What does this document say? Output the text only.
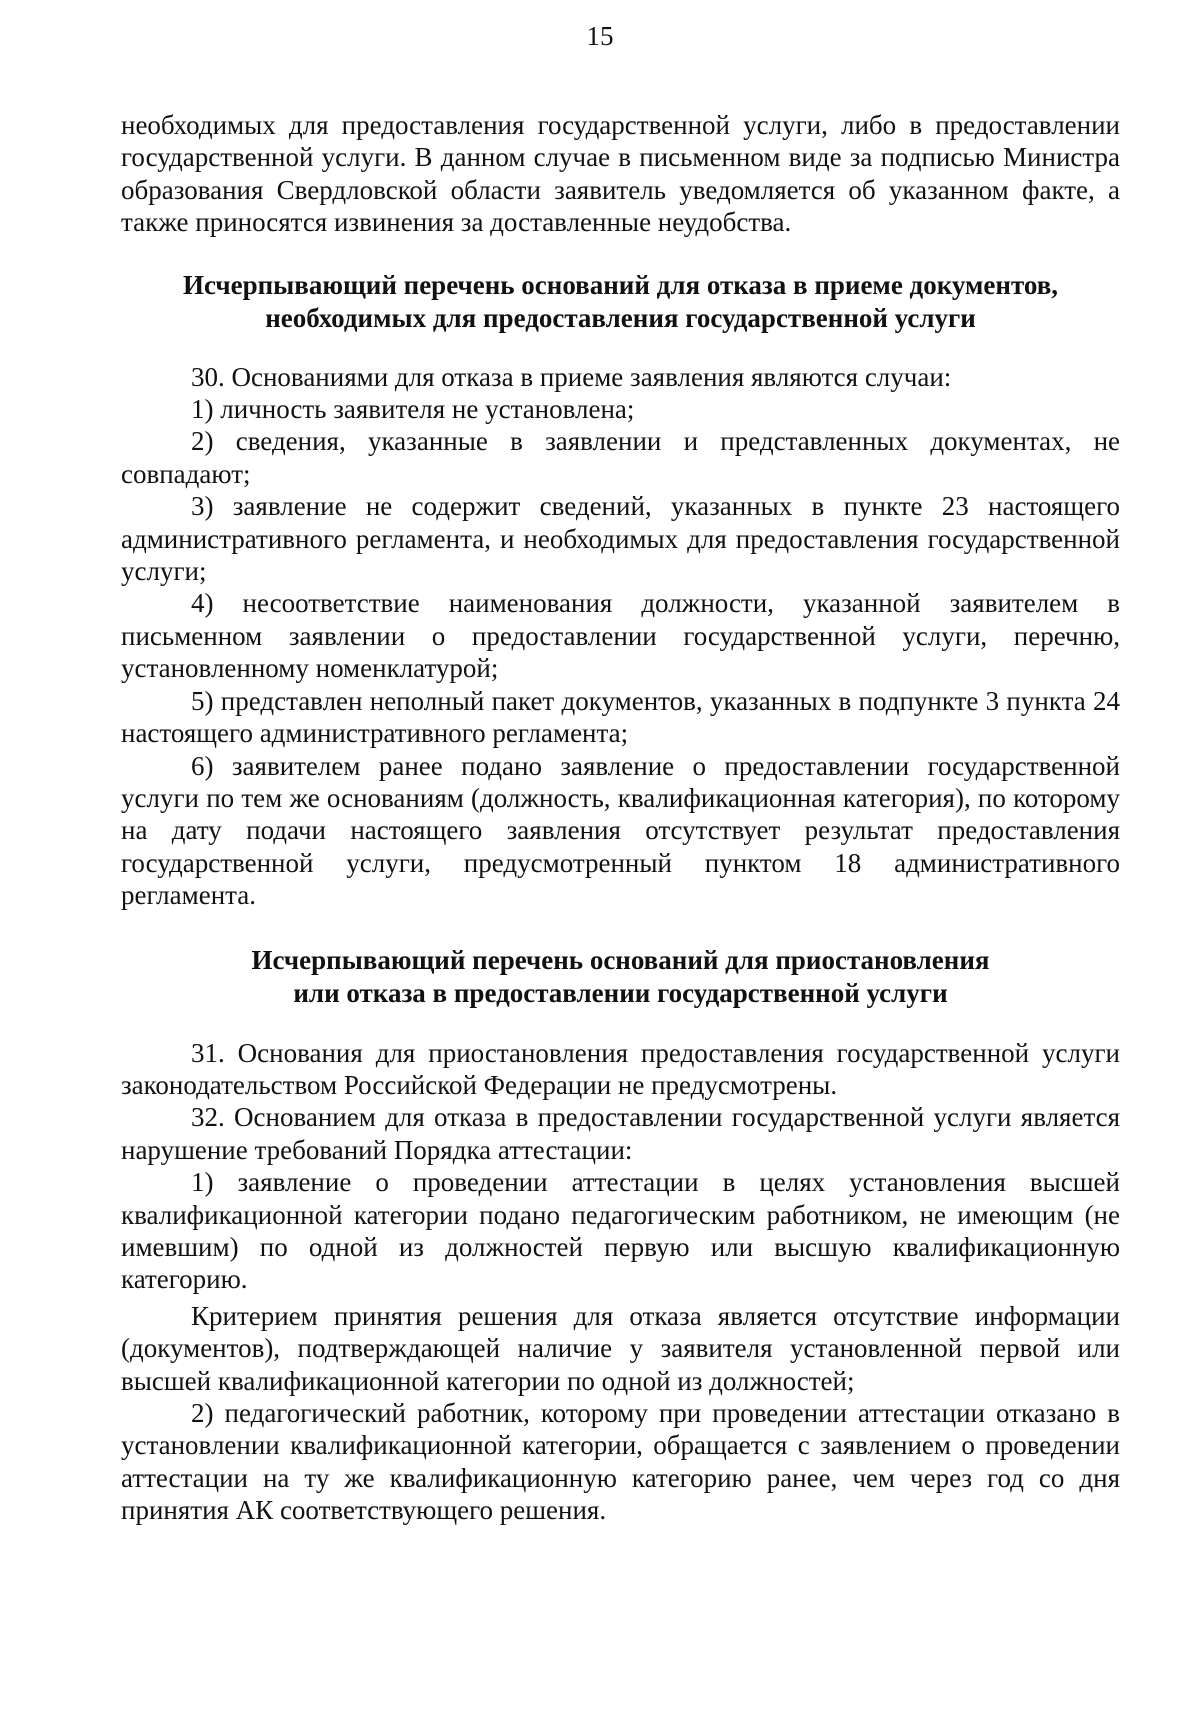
15

необходимых для предоставления государственной услуги, либо в предоставлении государственной услуги. В данном случае в письменном виде за подписью Министра образования Свердловской области заявитель уведомляется об указанном факте, а также приносятся извинения за доставленные неудобства.

Исчерпывающий перечень оснований для отказа в приеме документов,
необходимых для предоставления государственной услуги

30. Основаниями для отказа в приеме заявления являются случаи:

1) личность заявителя не установлена;

2) сведения, указанные в заявлении и представленных документах, не совпадают;

3) заявление не содержит сведений, указанных в пункте 23 настоящего административного регламента, и необходимых для предоставления государственной услуги;

4) несоответствие наименования должности, указанной заявителем в письменном заявлении о предоставлении государственной услуги, перечню, установленному номенклатурой;

5) представлен неполный пакет документов, указанных в подпункте 3 пункта 24 настоящего административного регламента;

6) заявителем ранее подано заявление о предоставлении государственной услуги по тем же основаниям (должность, квалификационная категория), по которому на дату подачи настоящего заявления отсутствует результат предоставления государственной услуги, предусмотренный пунктом 18 административного регламента.

Исчерпывающий перечень оснований для приостановления
или отказа в предоставлении государственной услуги

31. Основания для приостановления предоставления государственной услуги законодательством Российской Федерации не предусмотрены.

32. Основанием для отказа в предоставлении государственной услуги является нарушение требований Порядка аттестации:

1) заявление о проведении аттестации в целях установления высшей квалификационной категории подано педагогическим работником, не имеющим (не имевшим) по одной из должностей первую или высшую квалификационную категорию.

Критерием принятия решения для отказа является отсутствие информации (документов), подтверждающей наличие у заявителя установленной первой или высшей квалификационной категории по одной из должностей;

2) педагогический работник, которому при проведении аттестации отказано в установлении квалификационной категории, обращается с заявлением о проведении аттестации на ту же квалификационную категорию ранее, чем через год со дня принятия АК соответствующего решения.
